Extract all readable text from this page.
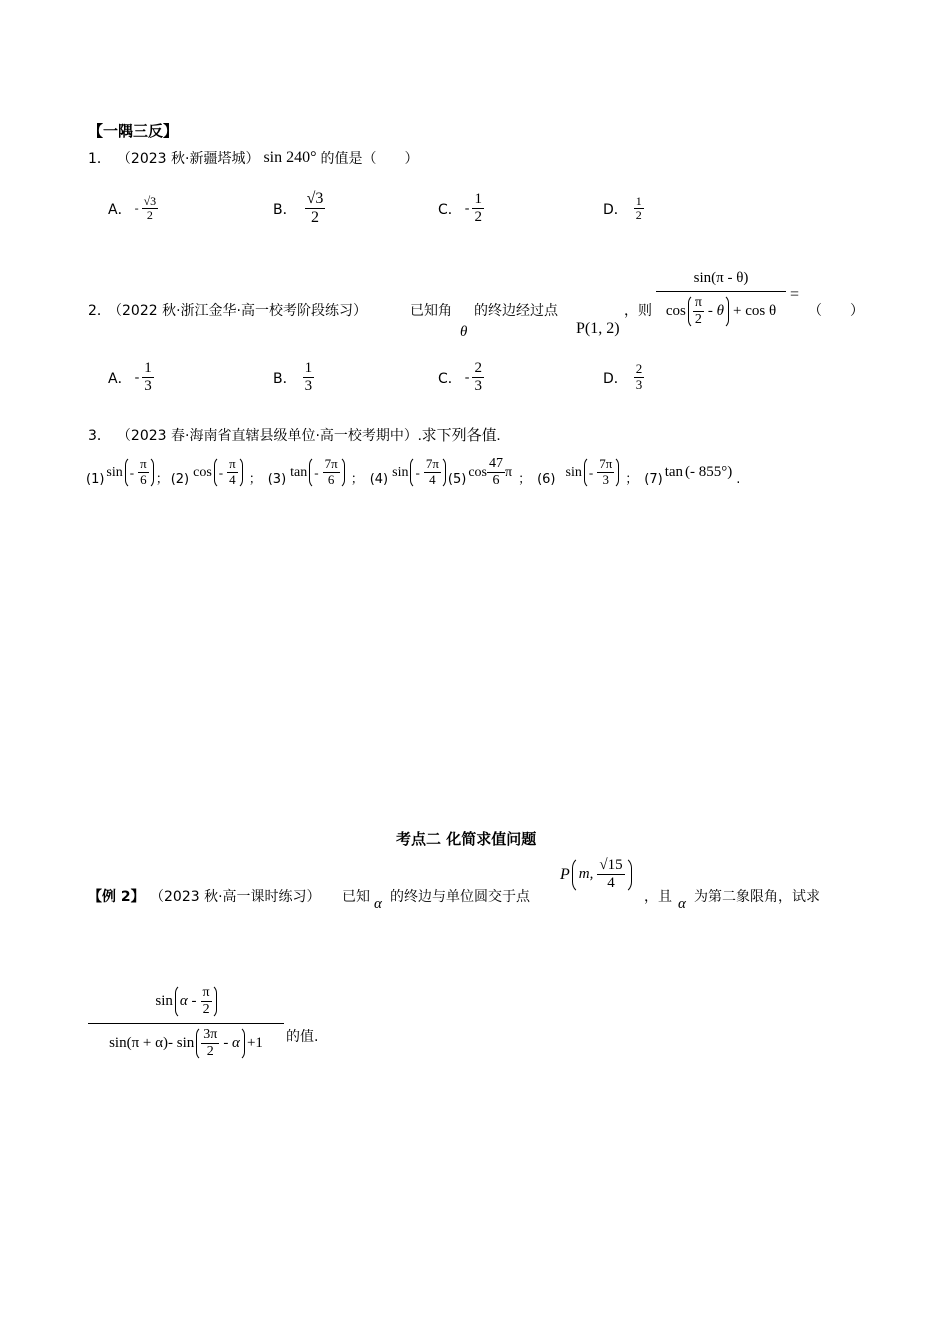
【一隅三反】
1． （2023 秋·新疆塔城） sin 240° 的值是（　　）
A． - $\frac{√3}{2}$	B． $\frac{√3}{2}$	C． - $\frac{1}{2}$	D． $\frac{1}{2}$
2．
（2022 秋·浙江金华·高一校考阶段练习）	已知角
θ
的终边经过点
P(1, 2)
，则 $\frac{\sin(\pi - \theta)}{\cos \frac{\pi}{2} - \theta + \cos \theta}$ =
（　　）
A． - $\frac{1}{3}$	B． $\frac{1}{3}$	C． - $\frac{2}{3}$	D． $\frac{2}{3}$
3． （2023 春·海南省直辖县级单位·高一校考期中） .求下列各值.
(1)
sin - $\frac{\pi}{6}$ ； (2)
cos - $\frac{\pi}{4}$ ； (3)
tan - $\frac{7\pi}{6}$ ； (4)
sin - $\frac{7\pi}{4} (5)$
$\cos \frac{47}{6}$ π
； (6)
sin - $\frac{7\pi}{3}$ ； (7) tan (- 855°) .
考点二 化简求值问题
【例 2】 （2023 秋·高一课时练习） 已知 α 的终边与单位圆交于点
P m, $\frac{√15}{4}$
，且 α 为第二象限角，试求
$\frac{\sin \alpha - \frac{\pi}{2}}{\sin(\pi + \alpha)- \sin \frac{3\pi}{2} - \alpha +1}$ 的值.
